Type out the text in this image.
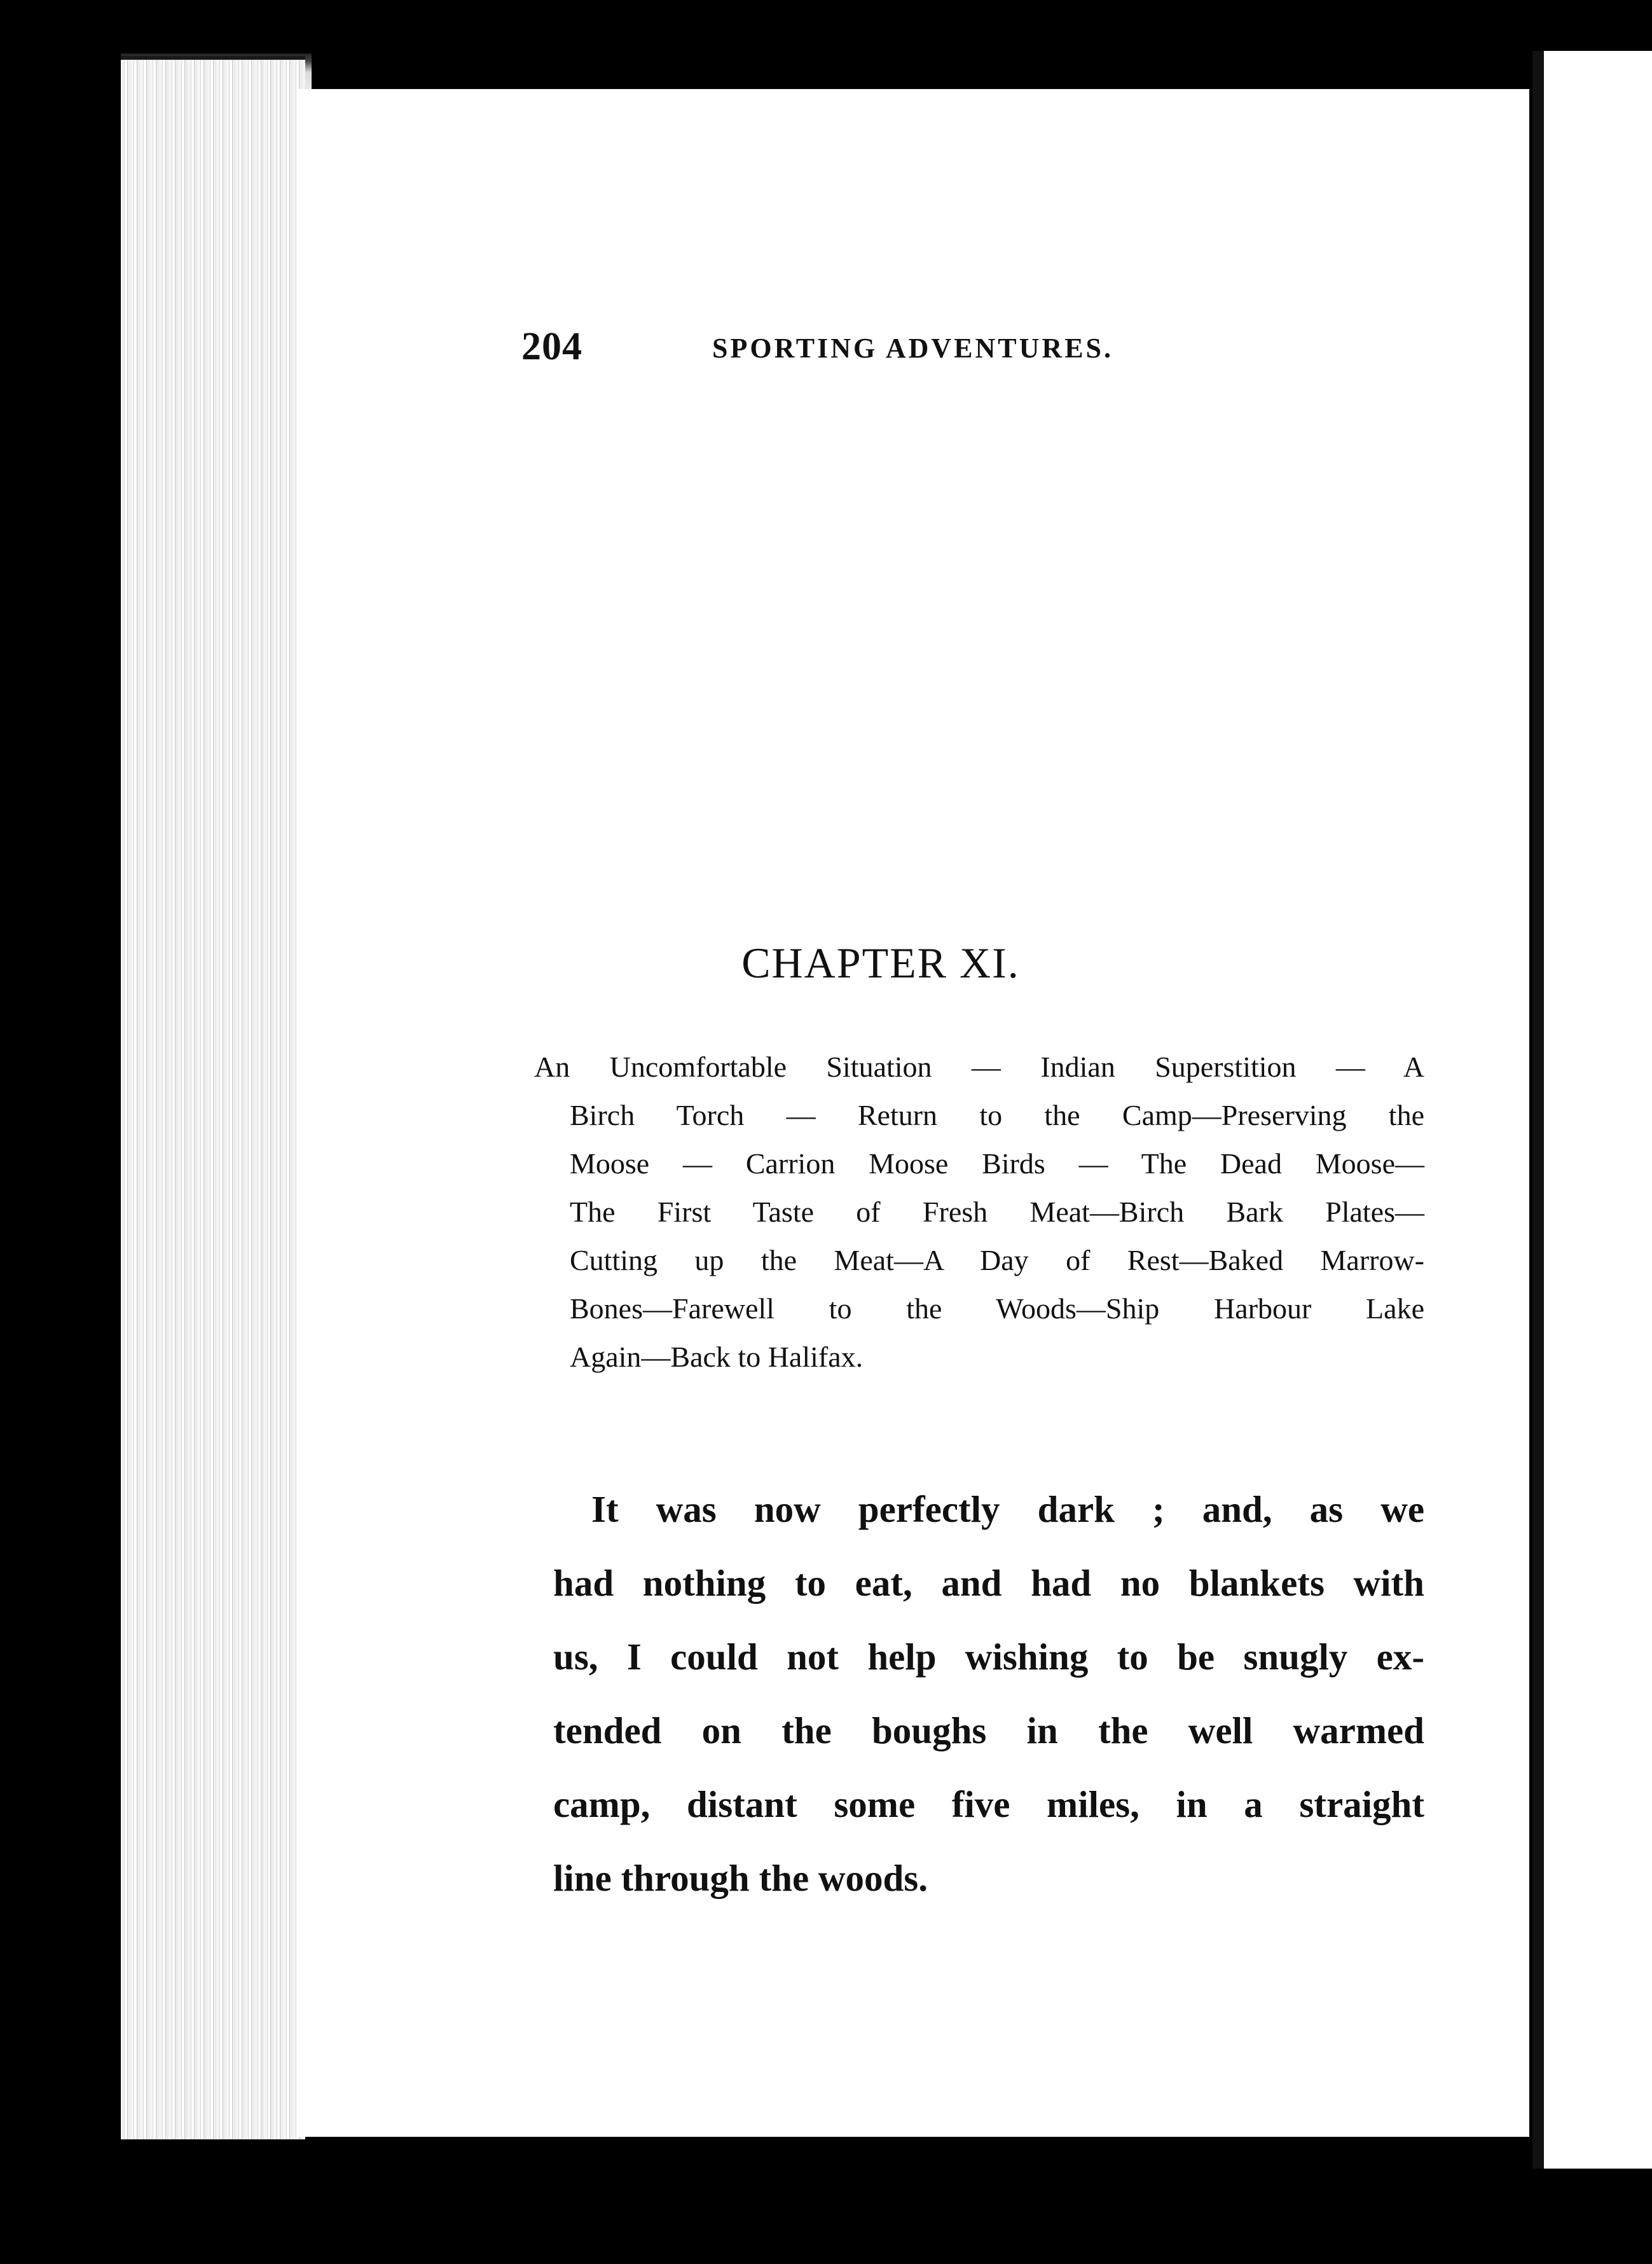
204	SPORTING ADVENTURES.
CHAPTER XI.
An Uncomfortable Situation — Indian Superstition — A
Birch Torch — Return to the Camp—Preserving the
Moose — Carrion Moose Birds — The Dead Moose—
The First Taste of Fresh Meat—Birch Bark Plates—
Cutting up the Meat—A Day of Rest—Baked Marrow-
Bones—Farewell to the Woods—Ship Harbour Lake
Again—Back to Halifax.
It was now perfectly dark ; and, as we
had nothing to eat, and had no blankets with
us, I could not help wishing to be snugly ex-
tended on the boughs in the well warmed
camp, distant some five miles, in a straight
line through the woods.
